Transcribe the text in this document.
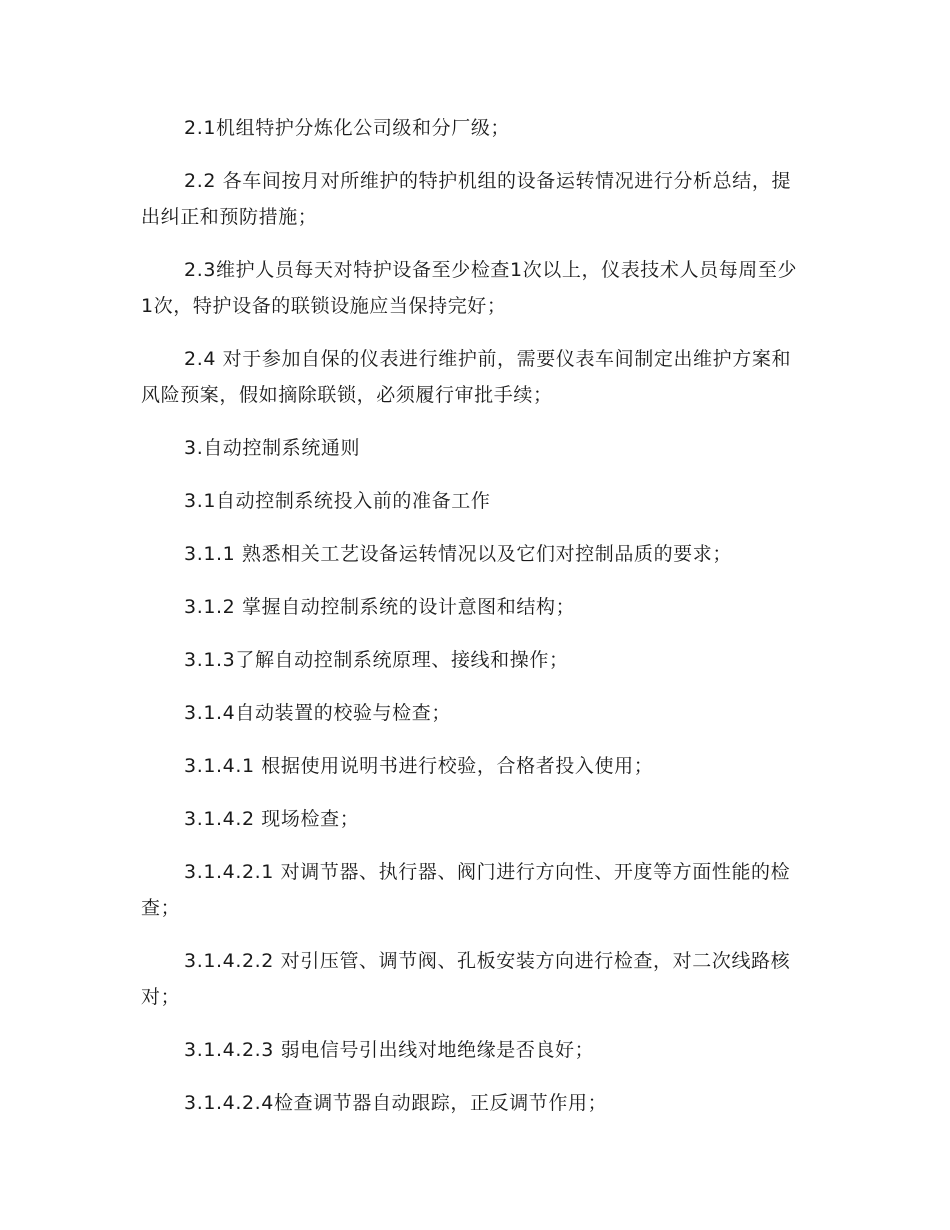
2.1机组特护分炼化公司级和分厂级；

2.2 各车间按月对所维护的特护机组的设备运转情况进行分析总结，提出纠正和预防措施；

2.3维护人员每天对特护设备至少检查1次以上，仪表技术人员每周至少1次，特护设备的联锁设施应当保持完好；

2.4 对于参加自保的仪表进行维护前，需要仪表车间制定出维护方案和风险预案，假如摘除联锁，必须履行审批手续；

3.自动控制系统通则

3.1自动控制系统投入前的准备工作

3.1.1 熟悉相关工艺设备运转情况以及它们对控制品质的要求；

3.1.2 掌握自动控制系统的设计意图和结构；

3.1.3了解自动控制系统原理、接线和操作；

3.1.4自动装置的校验与检查；

3.1.4.1 根据使用说明书进行校验，合格者投入使用；

3.1.4.2 现场检查；

3.1.4.2.1 对调节器、执行器、阀门进行方向性、开度等方面性能的检查；

3.1.4.2.2 对引压管、调节阀、孔板安装方向进行检查，对二次线路核对；

3.1.4.2.3 弱电信号引出线对地绝缘是否良好；

3.1.4.2.4检查调节器自动跟踪，正反调节作用；
